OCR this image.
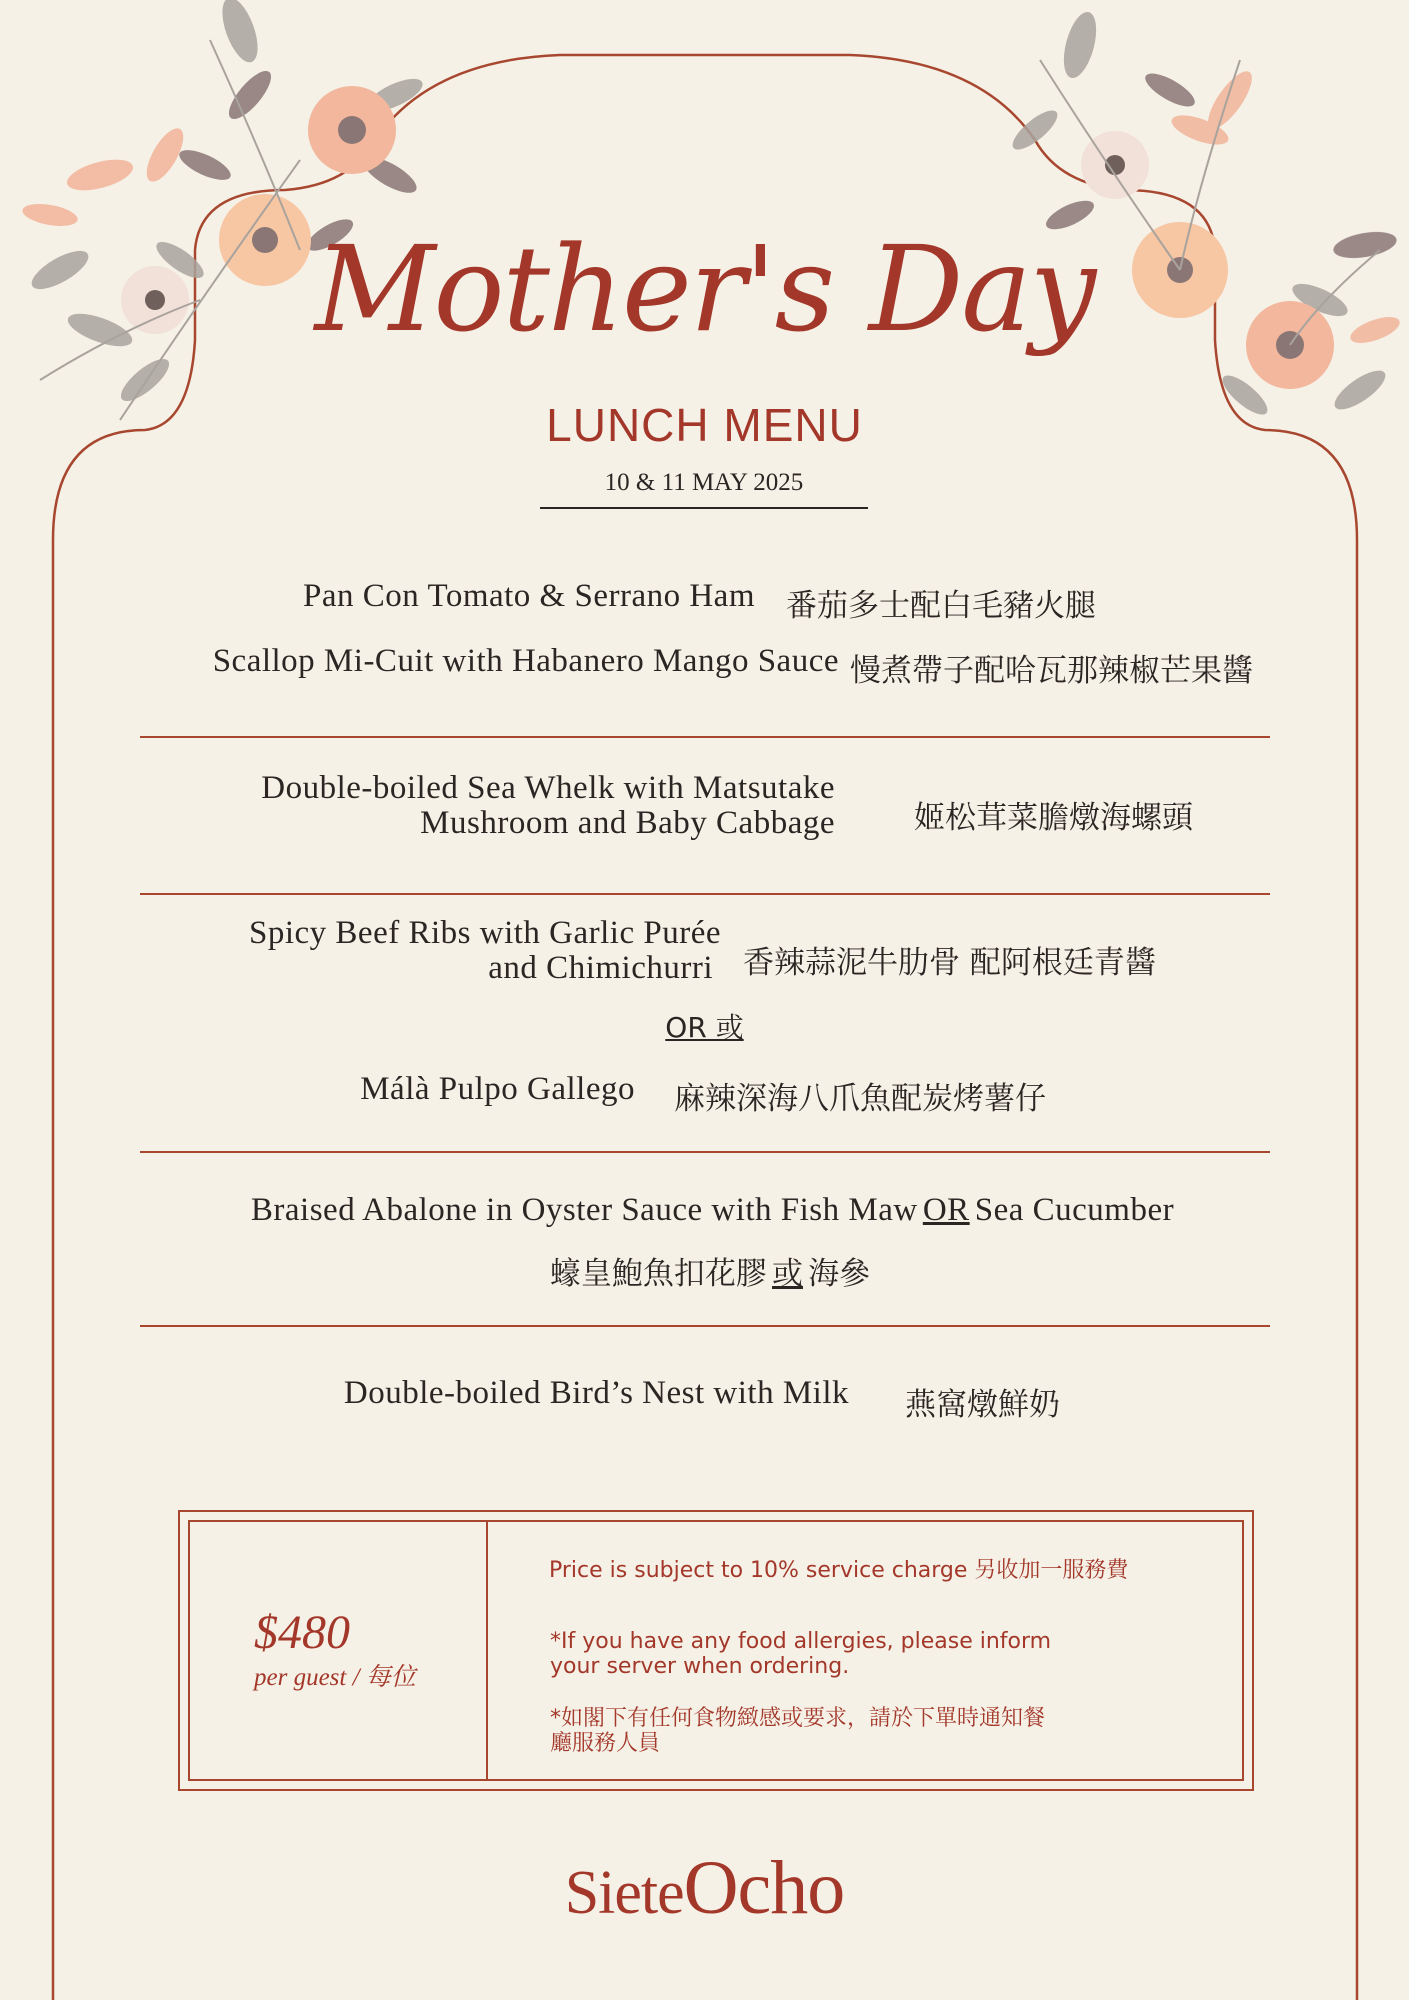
Mother's Day
LUNCH MENU
10 & 11 MAY 2025
Pan Con Tomato & Serrano Ham 番茄多士配白毛豬火腿
Scallop Mi-Cuit with Habanero Mango Sauce 慢煮帶子配哈瓦那辣椒芒果醬
Double-boiled Sea Whelk with Matsutake
Mushroom and Baby Cabbage	姬松茸菜膽燉海螺頭
Spicy Beef Ribs with Garlic Purée
and Chimichurri 香辣蒜泥牛肋骨 配阿根廷青醬
OR 或
Málà Pulpo Gallego 麻辣深海八爪魚配炭烤薯仔
Braised Abalone in Oyster Sauce with Fish Maw OR Sea Cucumber
蠔皇鮑魚扣花膠 或 海參
Double-boiled Bird’s Nest with Milk 燕窩燉鮮奶
$480
per guest / 每位
Price is subject to 10% service charge 另收加一服務費
*If you have any food allergies, please inform
your server when ordering.
*如閣下有任何食物緻感或要求，請於下單時通知餐
廳服務人員
SieteOcho
